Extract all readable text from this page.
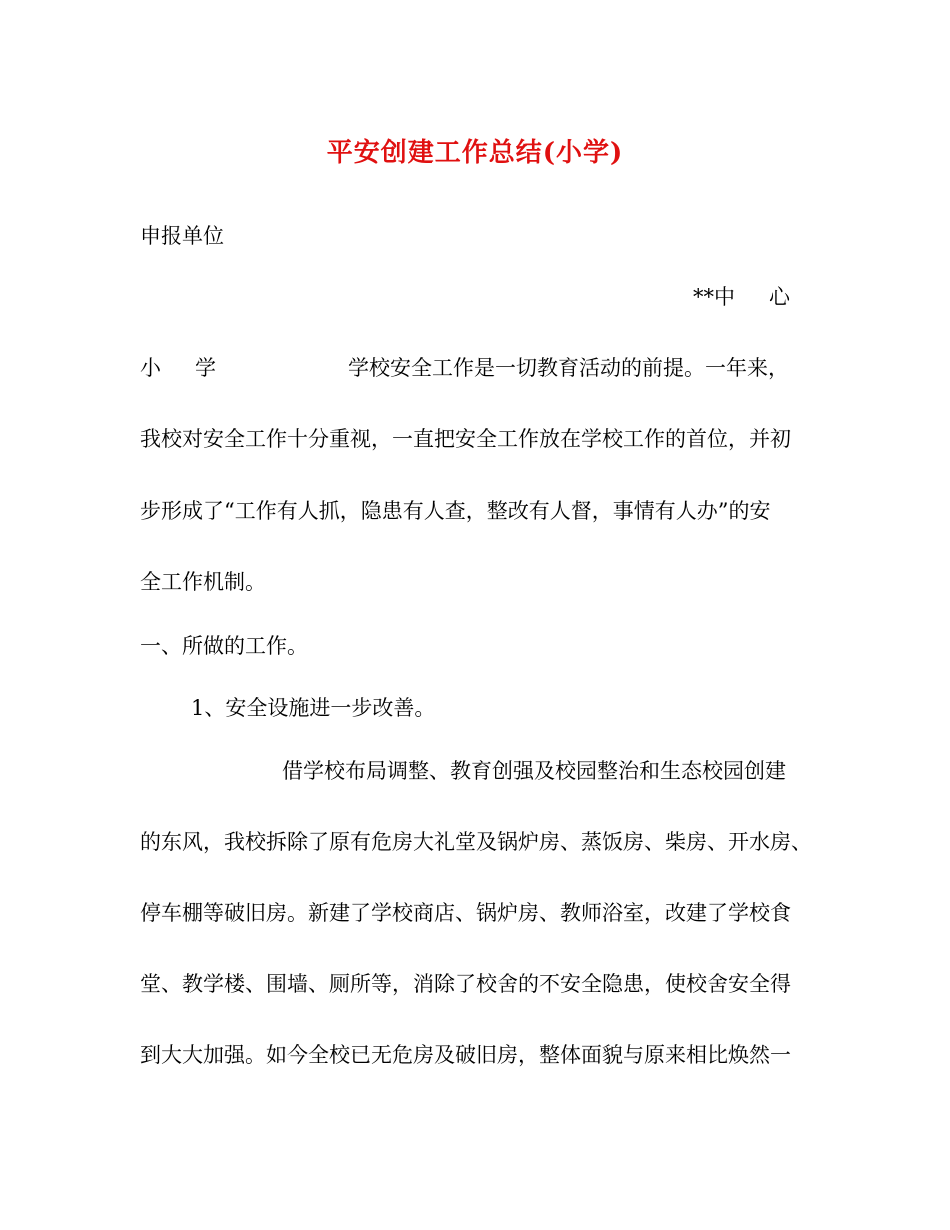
平安创建工作总结(小学)
申报单位
**中 心
小 学	学校安全工作是一切教育活动的前提。一年来，
我校对安全工作十分重视，一直把安全工作放在学校工作的首位，并初
步形成了“工作有人抓，隐患有人查，整改有人督，事情有人办”的安
全工作机制。
一、所做的工作。
1、安全设施进一步改善。
借学校布局调整、教育创强及校园整治和生态校园创建
的东风，我校拆除了原有危房大礼堂及锅炉房、蒸饭房、柴房、开水房、
停车棚等破旧房。新建了学校商店、锅炉房、教师浴室，改建了学校食
堂、教学楼、围墙、厕所等，消除了校舍的不安全隐患，使校舍安全得
到大大加强。如今全校已无危房及破旧房，整体面貌与原来相比焕然一
